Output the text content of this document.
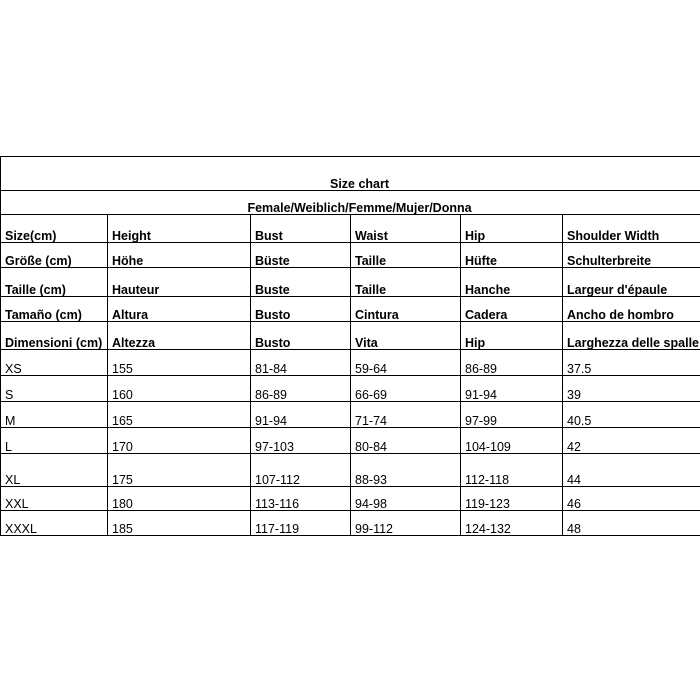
Size chart					
Female/Weiblich/Femme/Mujer/Donna					
Size(cm)	Height	Bust	Waist	Hip	Shoulder Width
Größe (cm)	Höhe	Büste	Taille	Hüfte	Schulterbreite
Taille (cm)	Hauteur	Buste	Taille	Hanche	Largeur d'épaule
Tamaño (cm)	Altura	Busto	Cintura	Cadera	Ancho de hombro
Dimensioni (cm)	Altezza	Busto	Vita	Hip	Larghezza delle spalle
XS	155	81-84	59-64	86-89	37.5
S	160	86-89	66-69	91-94	39
M	165	91-94	71-74	97-99	40.5
L	170	97-103	80-84	104-109	42
XL	175	107-112	88-93	112-118	44
XXL	180	113-116	94-98	119-123	46
XXXL	185	117-119	99-112	124-132	48
